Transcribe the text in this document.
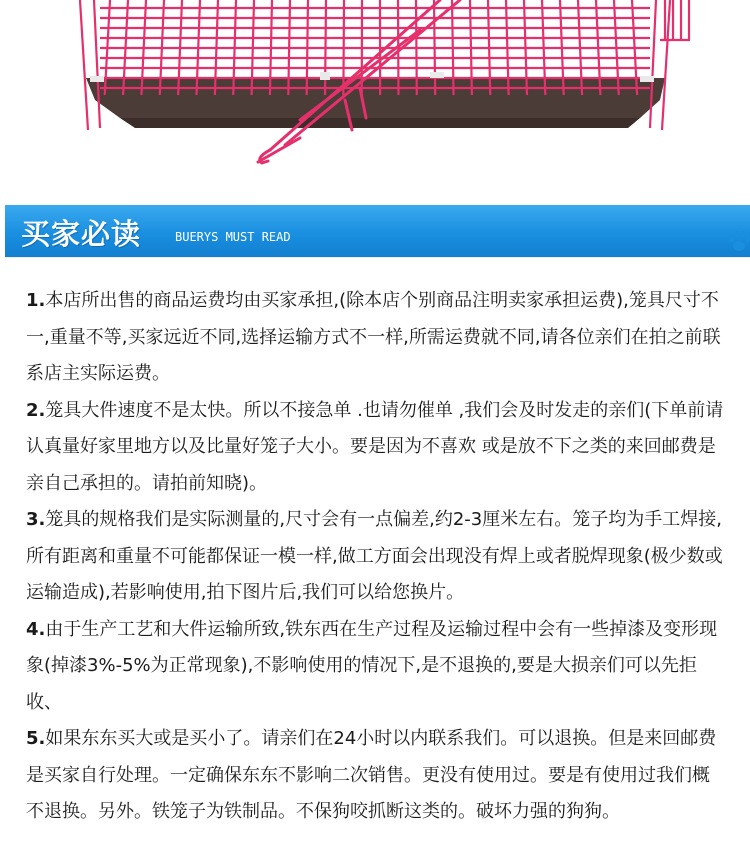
买家必读	BUERYS MUST READ

1.本店所出售的商品运费均由买家承担,(除本店个别商品注明卖家承担运费),笼具尺寸不一,重量不等,买家远近不同,选择运输方式不一样,所需运费就不同,请各位亲们在拍之前联系店主实际运费。

2.笼具大件速度不是太快。所以不接急单 .也请勿催单 ,我们会及时发走的亲们(下单前请认真量好家里地方以及比量好笼子大小。要是因为不喜欢 或是放不下之类的来回邮费是亲自己承担的。请拍前知晓)。

3.笼具的规格我们是实际测量的,尺寸会有一点偏差,约2-3厘米左右。笼子均为手工焊接,所有距离和重量不可能都保证一模一样,做工方面会出现没有焊上或者脱焊现象(极少数或运输造成),若影响使用,拍下图片后,我们可以给您换片。

4.由于生产工艺和大件运输所致,铁东西在生产过程及运输过程中会有一些掉漆及变形现象(掉漆3%-5%为正常现象),不影响使用的情况下,是不退换的,要是大损亲们可以先拒收、

5.如果东东买大或是买小了。请亲们在24小时以内联系我们。可以退换。但是来回邮费是买家自行处理。一定确保东东不影响二次销售。更没有使用过。要是有使用过我们概不退换。另外。铁笼子为铁制品。不保狗咬抓断这类的。破坏力强的狗狗。
